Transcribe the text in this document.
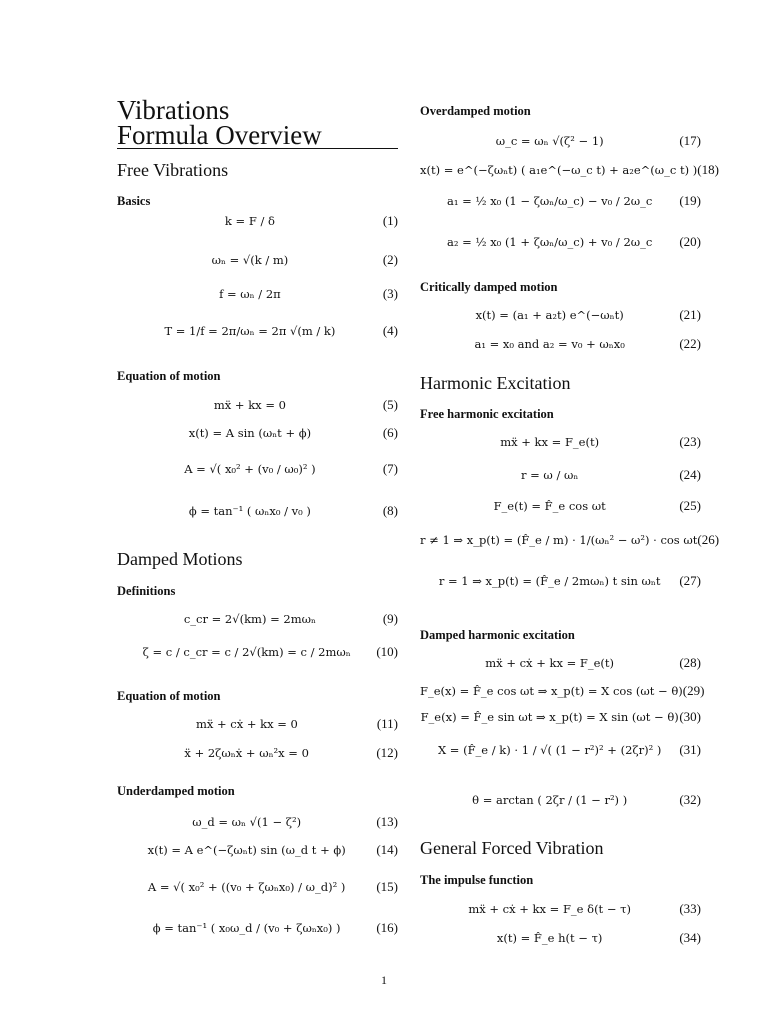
Vibrations
Formula Overview
Free Vibrations
Basics
k = F / δ	(1)
ωₙ = √(k / m)	(2)
f = ωₙ / 2π	(3)
T = 1/f = 2π/ωₙ = 2π √(m / k)	(4)
Equation of motion
mẍ + kx = 0	(5)
x(t) = A sin (ωₙt + ϕ)	(6)
A = √( x₀² + (v₀ / ω₀)² )	(7)
ϕ = tan⁻¹ ( ωₙx₀ / v₀ )	(8)
Damped Motions
Definitions
c_cr = 2√(km) = 2mωₙ	(9)
ζ = c / c_cr = c / 2√(km) = c / 2mωₙ	(10)
Equation of motion
mẍ + cẋ + kx = 0	(11)
ẍ + 2ζωₙẋ + ωₙ²x = 0	(12)
Underdamped motion
ω_d = ωₙ √(1 − ζ²)	(13)
x(t) = A e^(−ζωₙt) sin (ω_d t + ϕ)	(14)
A = √( x₀² + ((v₀ + ζωₙx₀) / ω_d)² )	(15)
ϕ = tan⁻¹ ( x₀ω_d / (v₀ + ζωₙx₀) )	(16)
Overdamped motion
ω_c = ωₙ √(ζ² − 1)	(17)
x(t) = e^(−ζωₙt) ( a₁e^(−ω_c t) + a₂e^(ω_c t) ) (18)
a₁ = ½ x₀ (1 − ζωₙ/ω_c) − v₀ / 2ω_c	(19)
a₂ = ½ x₀ (1 + ζωₙ/ω_c) + v₀ / 2ω_c	(20)
Critically damped motion
x(t) = (a₁ + a₂t) e^(−ωₙt)	(21)
a₁ = x₀ and a₂ = v₀ + ωₙx₀	(22)
Harmonic Excitation
Free harmonic excitation
mẍ + kx = F_e(t)	(23)
r = ω / ωₙ	(24)
F_e(t) = F̂_e cos ωt	(25)
r ≠ 1 ⇒ x_p(t) = (F̂_e / m) · 1/(ωₙ² − ω²) · cos ωt (26)
r = 1 ⇒ x_p(t) = (F̂_e / 2mωₙ) t sin ωₙt	(27)
Damped harmonic excitation
mẍ + cẋ + kx = F_e(t)	(28)
F_e(x) = F̂_e cos ωt ⇒ x_p(t) = X cos (ωt − θ) (29)
F_e(x) = F̂_e sin ωt ⇒ x_p(t) = X sin (ωt − θ) (30)
X = (F̂_e / k) · 1 / √( (1 − r²)² + (2ζr)² )	(31)
θ = arctan ( 2ζr / (1 − r²) )	(32)
General Forced Vibration
The impulse function
mẍ + cẋ + kx = F_e δ(t − τ)	(33)
x(t) = F̂_e h(t − τ)	(34)
1
